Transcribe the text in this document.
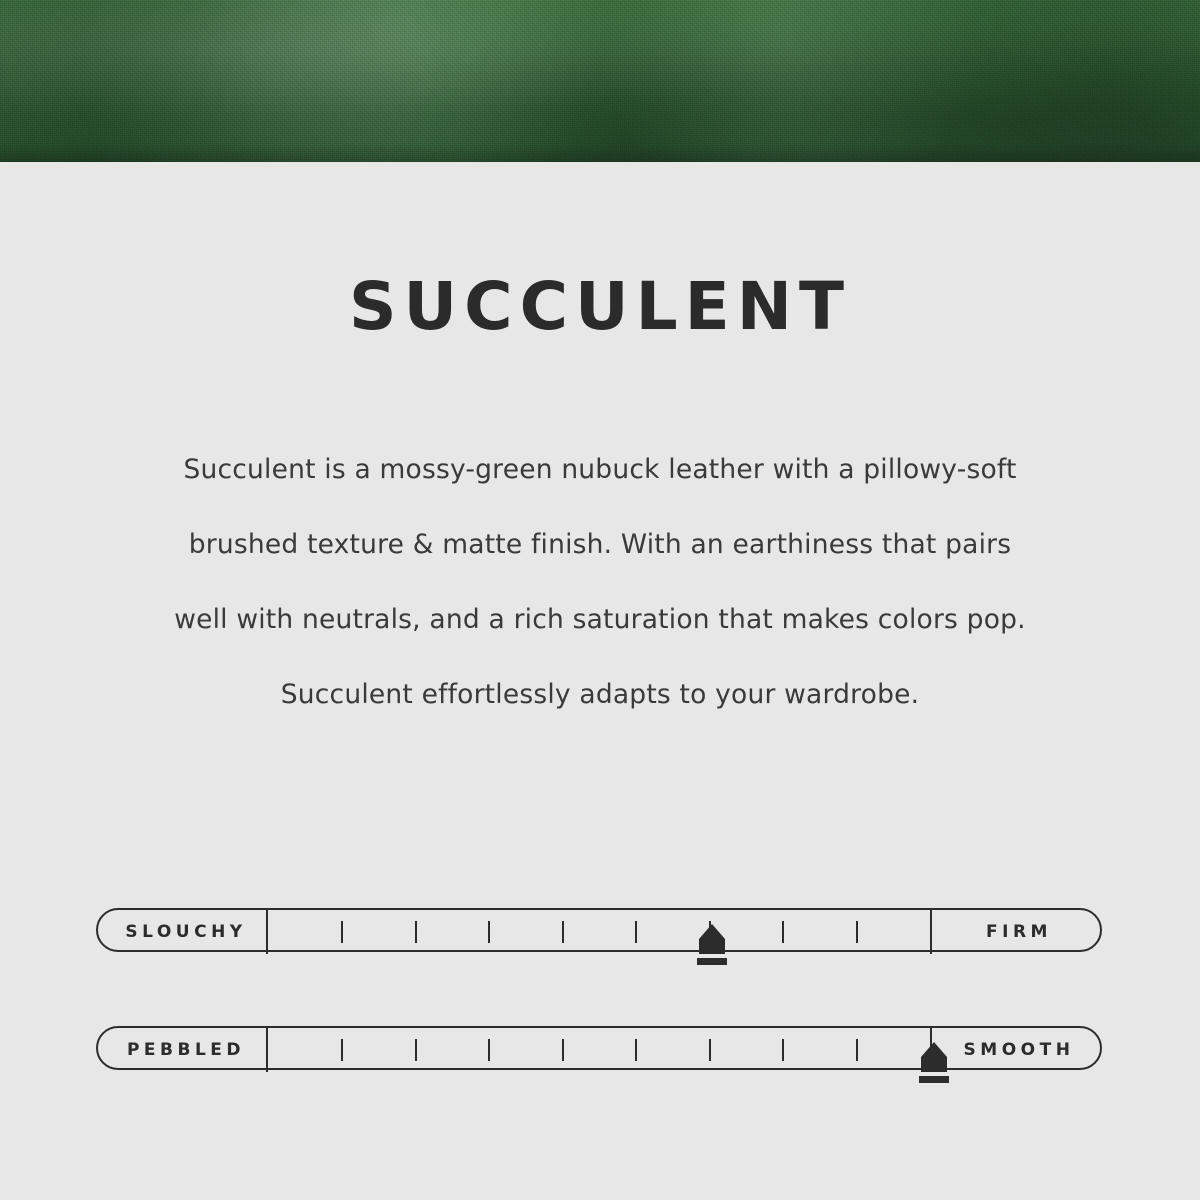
SUCCULENT
Succulent is a mossy-green nubuck leather with a pillowy-soft
brushed texture & matte finish. With an earthiness that pairs
well with neutrals, and a rich saturation that makes colors pop.
Succulent effortlessly adapts to your wardrobe.
SLOUCHY	FIRM
PEBBLED	SMOOTH
